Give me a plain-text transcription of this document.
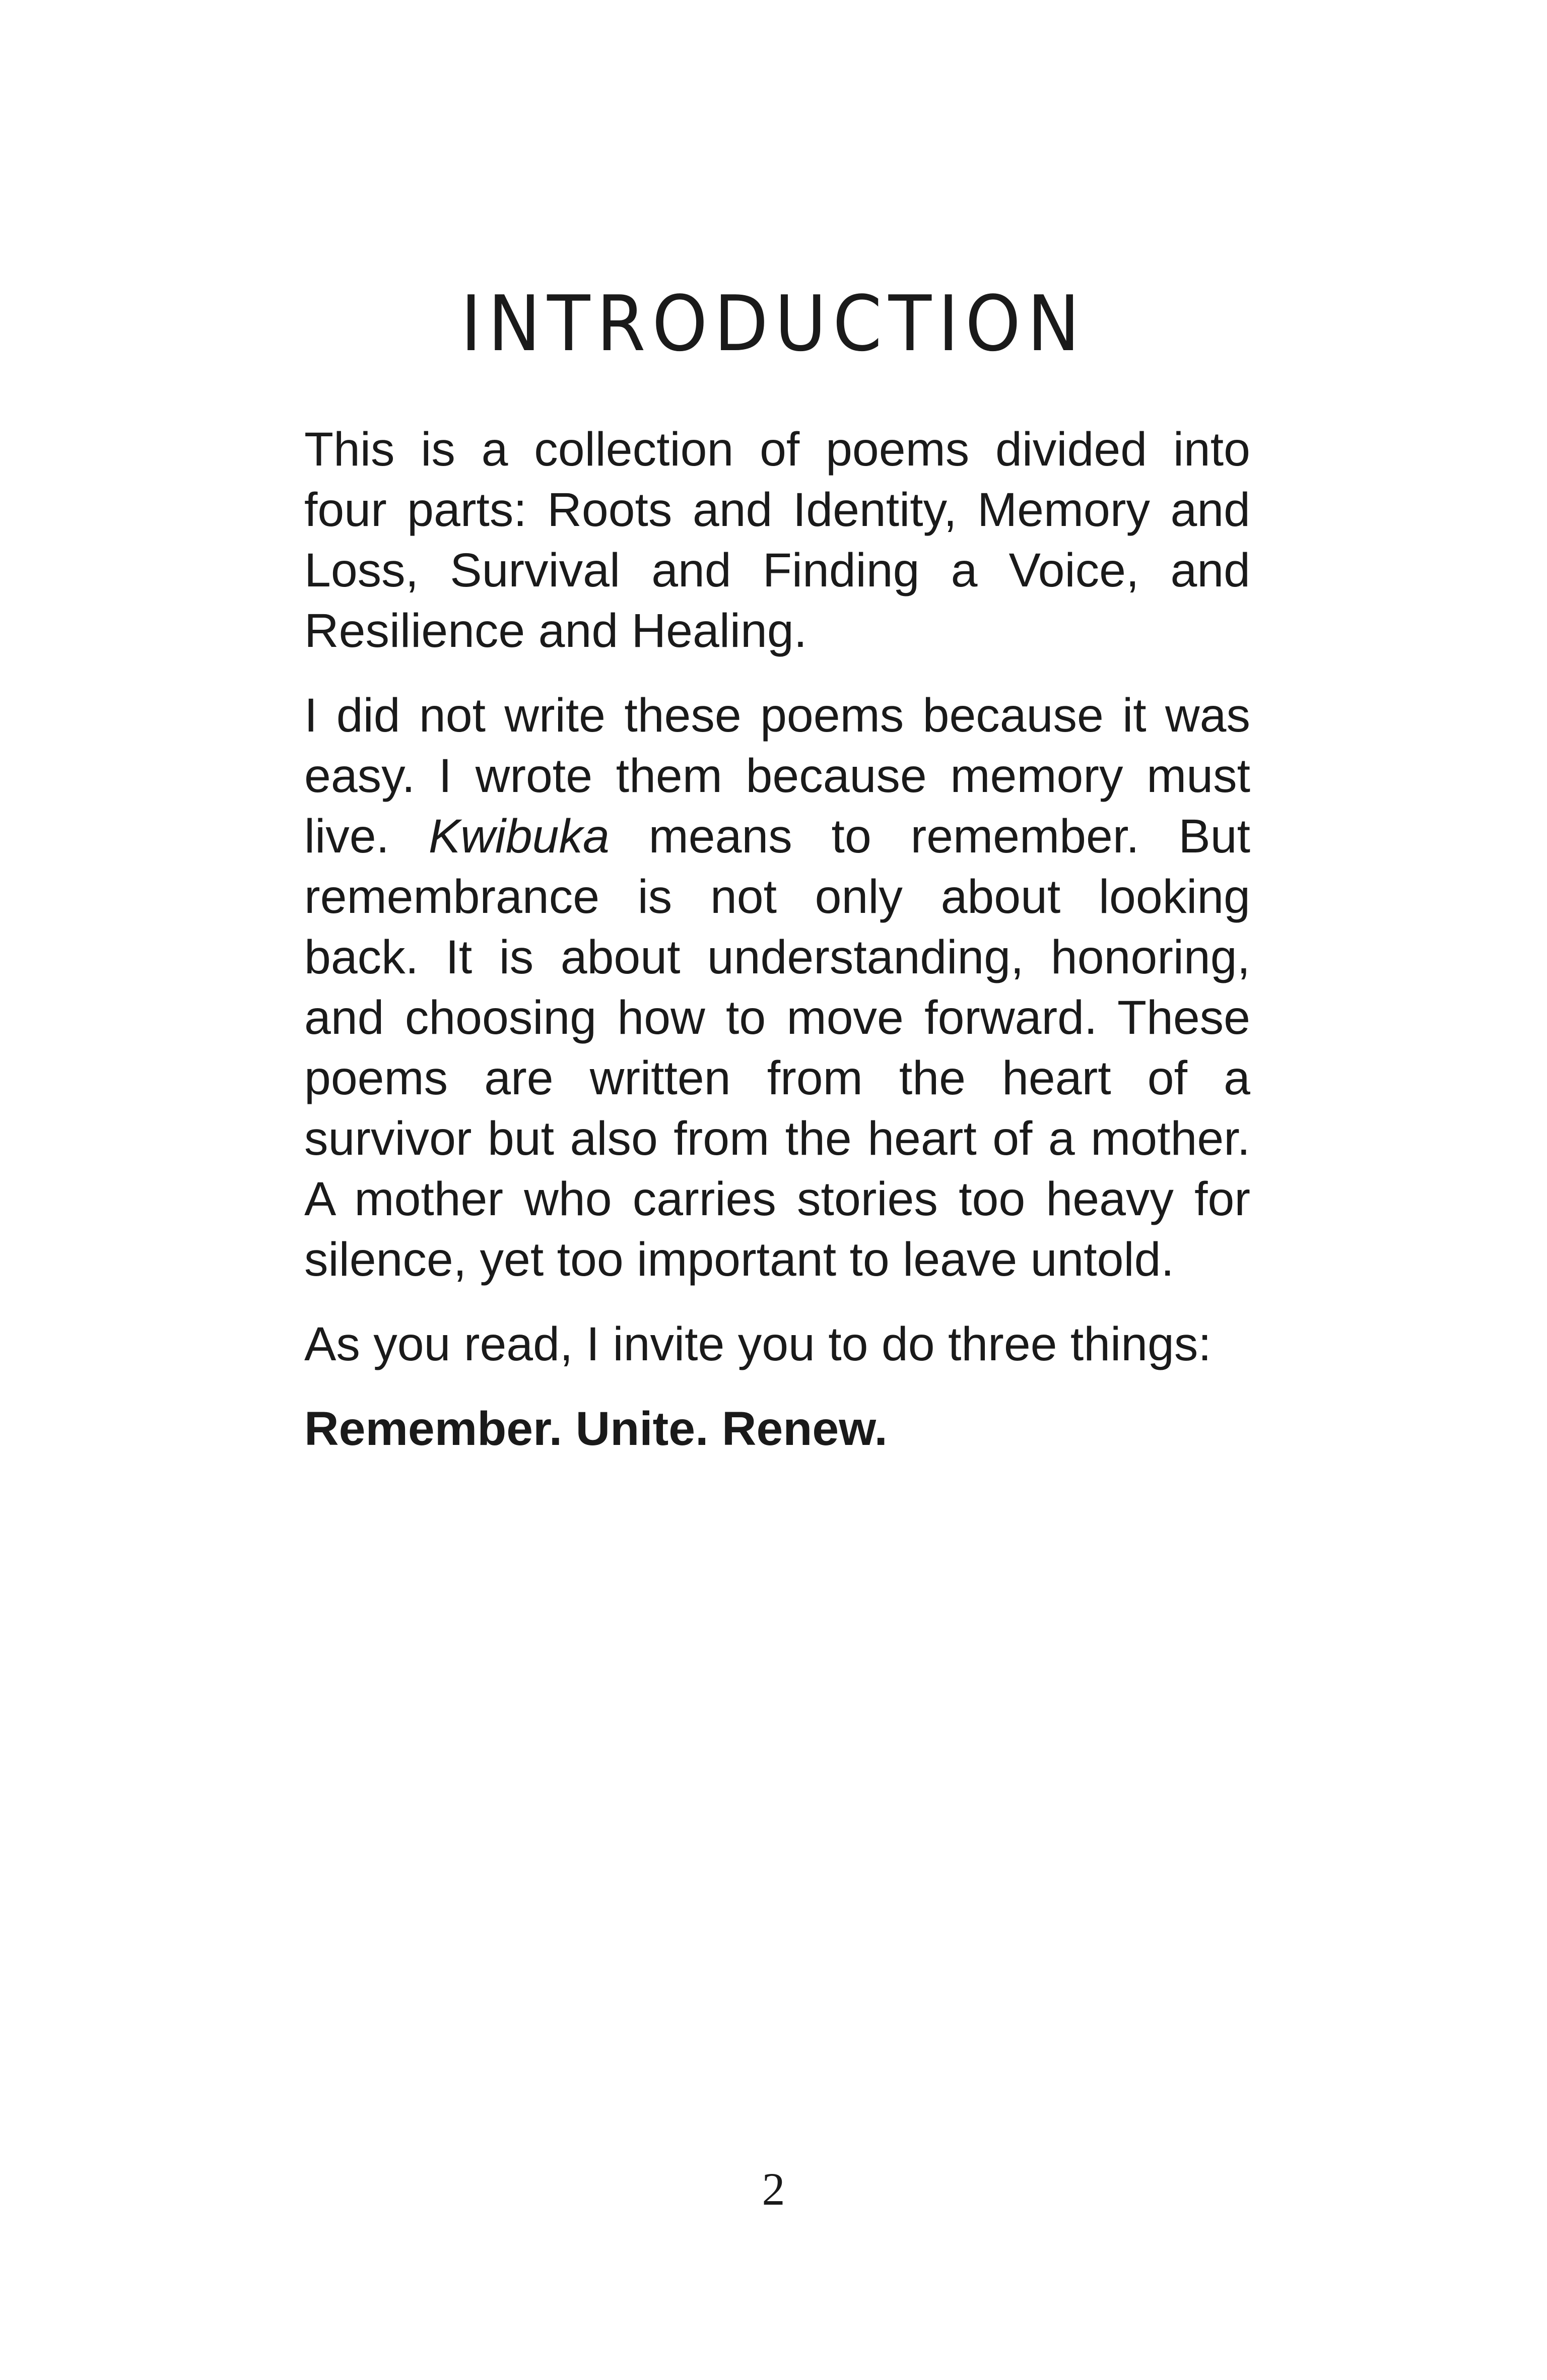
INTRODUCTION

This is a collection of poems divided into four parts: Roots and Identity, Memory and Loss, Survival and Finding a Voice, and Resilience and Healing.

I did not write these poems because it was easy. I wrote them because memory must live. Kwibuka means to remember. But remembrance is not only about looking back. It is about understanding, honoring, and choosing how to move forward. These poems are written from the heart of a survivor but also from the heart of a mother. A mother who carries stories too heavy for silence, yet too important to leave untold.

As you read, I invite you to do three things:

Remember. Unite. Renew.

2
